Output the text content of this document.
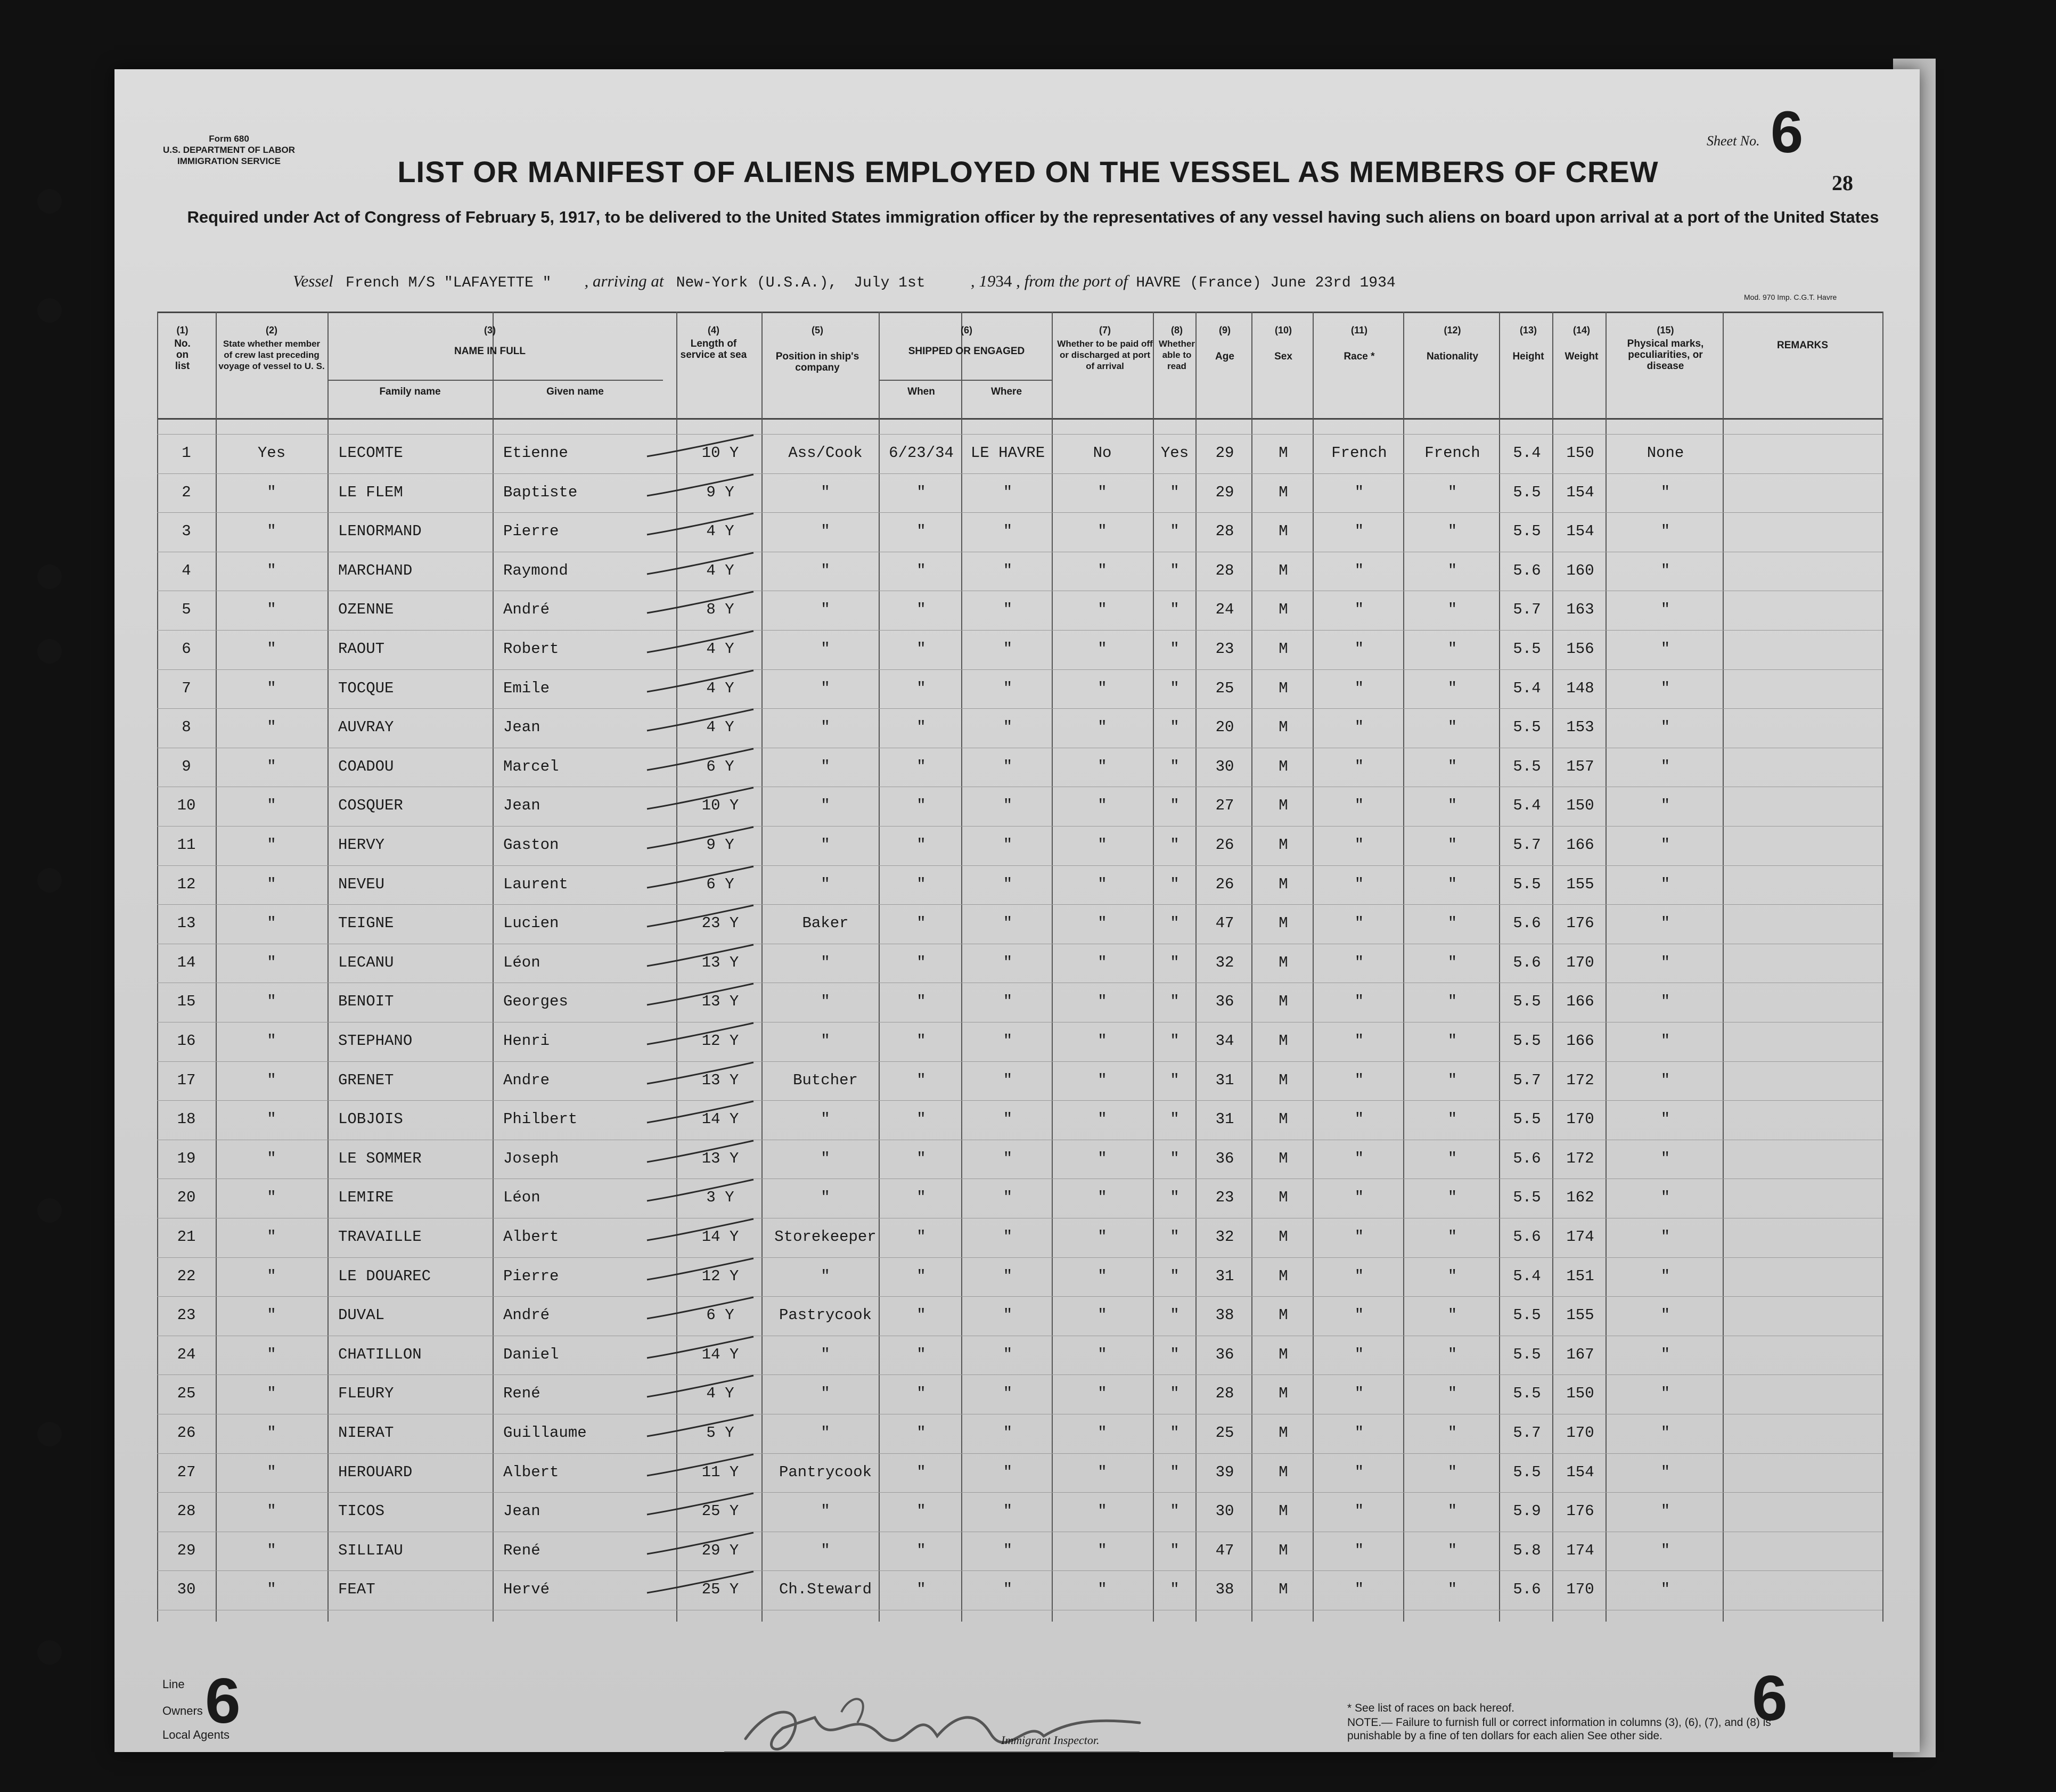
Form 680
U.S. DEPARTMENT OF LABOR
IMMIGRATION SERVICE
Sheet No. 6
28
LIST OR MANIFEST OF ALIENS EMPLOYED ON THE VESSEL AS MEMBERS OF CREW
Required under Act of Congress of February 5, 1917, to be delivered to the United States immigration officer by the representatives of any vessel having such aliens on board upon arrival at a port of the United States
Vessel French M/S "LAFAYETTE " , arriving at New-York (U.S.A.), July 1st	, 1934 , from the port of HAVRE (France) June 23rd 1934
Mod. 970 Imp. C.G.T. Havre
(1)
No. on list
(2)
State whether member of crew last preceding voyage of vessel to U. S.
(3)
NAME IN FULL
Family name	Given name
(4)
Length of service at sea
(5)
Position in ship's company
(6)
SHIPPED OR ENGAGED
When	Where
(7)
Whether to be paid off or discharged at port of arrival
(8)
Whether able to read
(9)
Age
(10)
Sex
(11)
Race *
(12)
Nationality
(13)
Height
(14)
Weight
(15)
Physical marks, peculiarities, or disease
REMARKS
1	Yes	LECOMTE	Etienne	10 Y	Ass/Cook	6/23/34	LE HAVRE	No	Yes	29	M	French	French	5.4	150	None
2	"	LE FLEM	Baptiste	9 Y	"	"	"	"	"	29	M	"	"	5.5	154	"
3	"	LENORMAND	Pierre	4 Y	"	"	"	"	"	28	M	"	"	5.5	154	"
4	"	MARCHAND	Raymond	4 Y	"	"	"	"	"	28	M	"	"	5.6	160	"
5	"	OZENNE	André	8 Y	"	"	"	"	"	24	M	"	"	5.7	163	"
6	"	RAOUT	Robert	4 Y	"	"	"	"	"	23	M	"	"	5.5	156	"
7	"	TOCQUE	Emile	4 Y	"	"	"	"	"	25	M	"	"	5.4	148	"
8	"	AUVRAY	Jean	4 Y	"	"	"	"	"	20	M	"	"	5.5	153	"
9	"	COADOU	Marcel	6 Y	"	"	"	"	"	30	M	"	"	5.5	157	"
10	"	COSQUER	Jean	10 Y	"	"	"	"	"	27	M	"	"	5.4	150	"
11	"	HERVY	Gaston	9 Y	"	"	"	"	"	26	M	"	"	5.7	166	"
12	"	NEVEU	Laurent	6 Y	"	"	"	"	"	26	M	"	"	5.5	155	"
13	"	TEIGNE	Lucien	23 Y	Baker	"	"	"	"	47	M	"	"	5.6	176	"
14	"	LECANU	Léon	13 Y	"	"	"	"	"	32	M	"	"	5.6	170	"
15	"	BENOIT	Georges	13 Y	"	"	"	"	"	36	M	"	"	5.5	166	"
16	"	STEPHANO	Henri	12 Y	"	"	"	"	"	34	M	"	"	5.5	166	"
17	"	GRENET	Andre	13 Y	Butcher	"	"	"	"	31	M	"	"	5.7	172	"
18	"	LOBJOIS	Philbert	14 Y	"	"	"	"	"	31	M	"	"	5.5	170	"
19	"	LE SOMMER	Joseph	13 Y	"	"	"	"	"	36	M	"	"	5.6	172	"
20	"	LEMIRE	Léon	3 Y	"	"	"	"	"	23	M	"	"	5.5	162	"
21	"	TRAVAILLE	Albert	14 Y	Storekeeper	"	"	"	"	32	M	"	"	5.6	174	"
22	"	LE DOUAREC	Pierre	12 Y	"	"	"	"	"	31	M	"	"	5.4	151	"
23	"	DUVAL	André	6 Y	Pastrycook	"	"	"	"	38	M	"	"	5.5	155	"
24	"	CHATILLON	Daniel	14 Y	"	"	"	"	"	36	M	"	"	5.5	167	"
25	"	FLEURY	René	4 Y	"	"	"	"	"	28	M	"	"	5.5	150	"
26	"	NIERAT	Guillaume	5 Y	"	"	"	"	"	25	M	"	"	5.7	170	"
27	"	HEROUARD	Albert	11 Y	Pantrycook	"	"	"	"	39	M	"	"	5.5	154	"
28	"	TICOS	Jean	25 Y	"	"	"	"	"	30	M	"	"	5.9	176	"
29	"	SILLIAU	René	29 Y	"	"	"	"	"	47	M	"	"	5.8	174	"
30	"	FEAT	Hervé	25 Y	Ch.Steward	"	"	"	"	38	M	"	"	5.6	170	"
Line
Owners
Local Agents
6	6
Immigrant Inspector.
* See list of races on back hereof.
NOTE.— Failure to furnish full or correct information in columns (3), (6), (7), and (8) is punishable by a fine of ten dollars for each alien See other side.
